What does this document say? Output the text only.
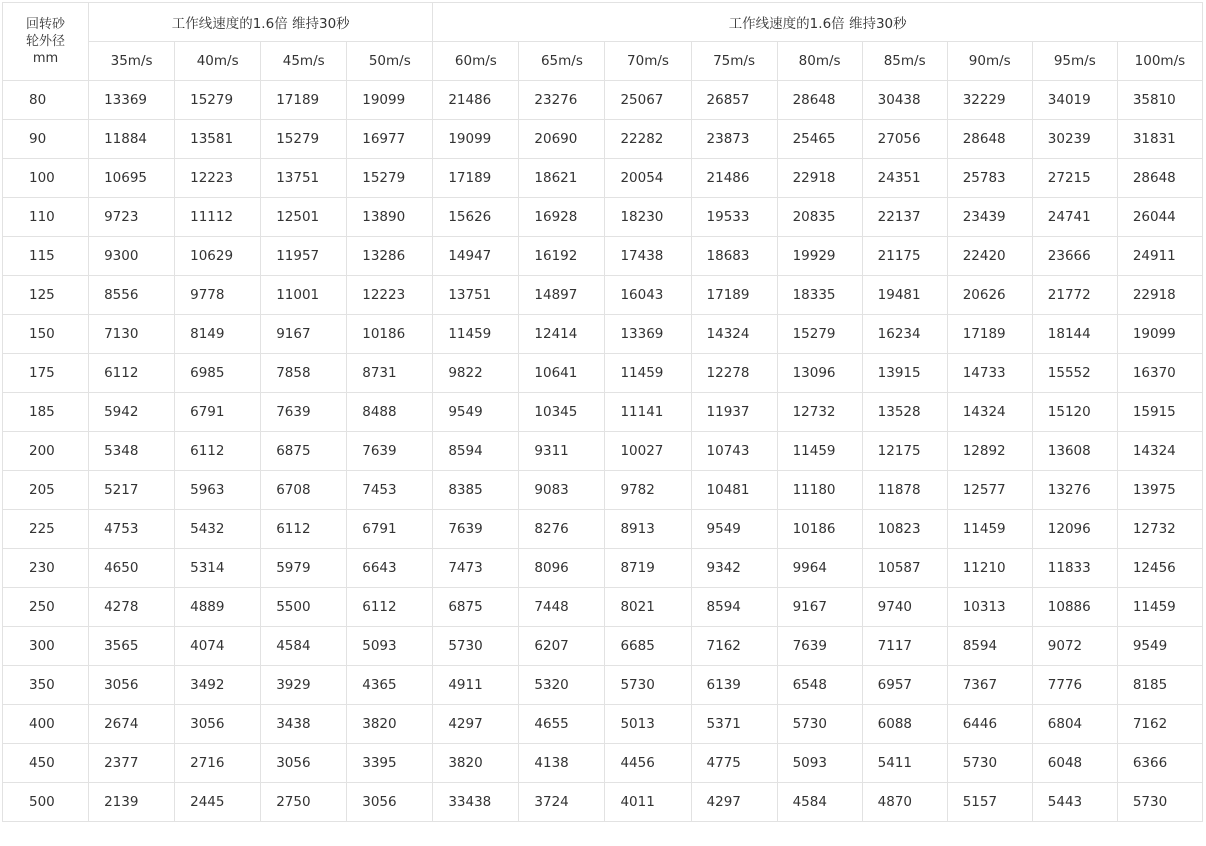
回转砂
轮外径
mm	工作线速度的1.6倍 维持30秒				工作线速度的1.6倍 维持30秒								
	35m/s	40m/s	45m/s	50m/s	60m/s	65m/s	70m/s	75m/s	80m/s	85m/s	90m/s	95m/s	100m/s
80	13369	15279	17189	19099	21486	23276	25067	26857	28648	30438	32229	34019	35810
90	11884	13581	15279	16977	19099	20690	22282	23873	25465	27056	28648	30239	31831
100	10695	12223	13751	15279	17189	18621	20054	21486	22918	24351	25783	27215	28648
110	9723	11112	12501	13890	15626	16928	18230	19533	20835	22137	23439	24741	26044
115	9300	10629	11957	13286	14947	16192	17438	18683	19929	21175	22420	23666	24911
125	8556	9778	11001	12223	13751	14897	16043	17189	18335	19481	20626	21772	22918
150	7130	8149	9167	10186	11459	12414	13369	14324	15279	16234	17189	18144	19099
175	6112	6985	7858	8731	9822	10641	11459	12278	13096	13915	14733	15552	16370
185	5942	6791	7639	8488	9549	10345	11141	11937	12732	13528	14324	15120	15915
200	5348	6112	6875	7639	8594	9311	10027	10743	11459	12175	12892	13608	14324
205	5217	5963	6708	7453	8385	9083	9782	10481	11180	11878	12577	13276	13975
225	4753	5432	6112	6791	7639	8276	8913	9549	10186	10823	11459	12096	12732
230	4650	5314	5979	6643	7473	8096	8719	9342	9964	10587	11210	11833	12456
250	4278	4889	5500	6112	6875	7448	8021	8594	9167	9740	10313	10886	11459
300	3565	4074	4584	5093	5730	6207	6685	7162	7639	7117	8594	9072	9549
350	3056	3492	3929	4365	4911	5320	5730	6139	6548	6957	7367	7776	8185
400	2674	3056	3438	3820	4297	4655	5013	5371	5730	6088	6446	6804	7162
450	2377	2716	3056	3395	3820	4138	4456	4775	5093	5411	5730	6048	6366
500	2139	2445	2750	3056	33438	3724	4011	4297	4584	4870	5157	5443	5730
